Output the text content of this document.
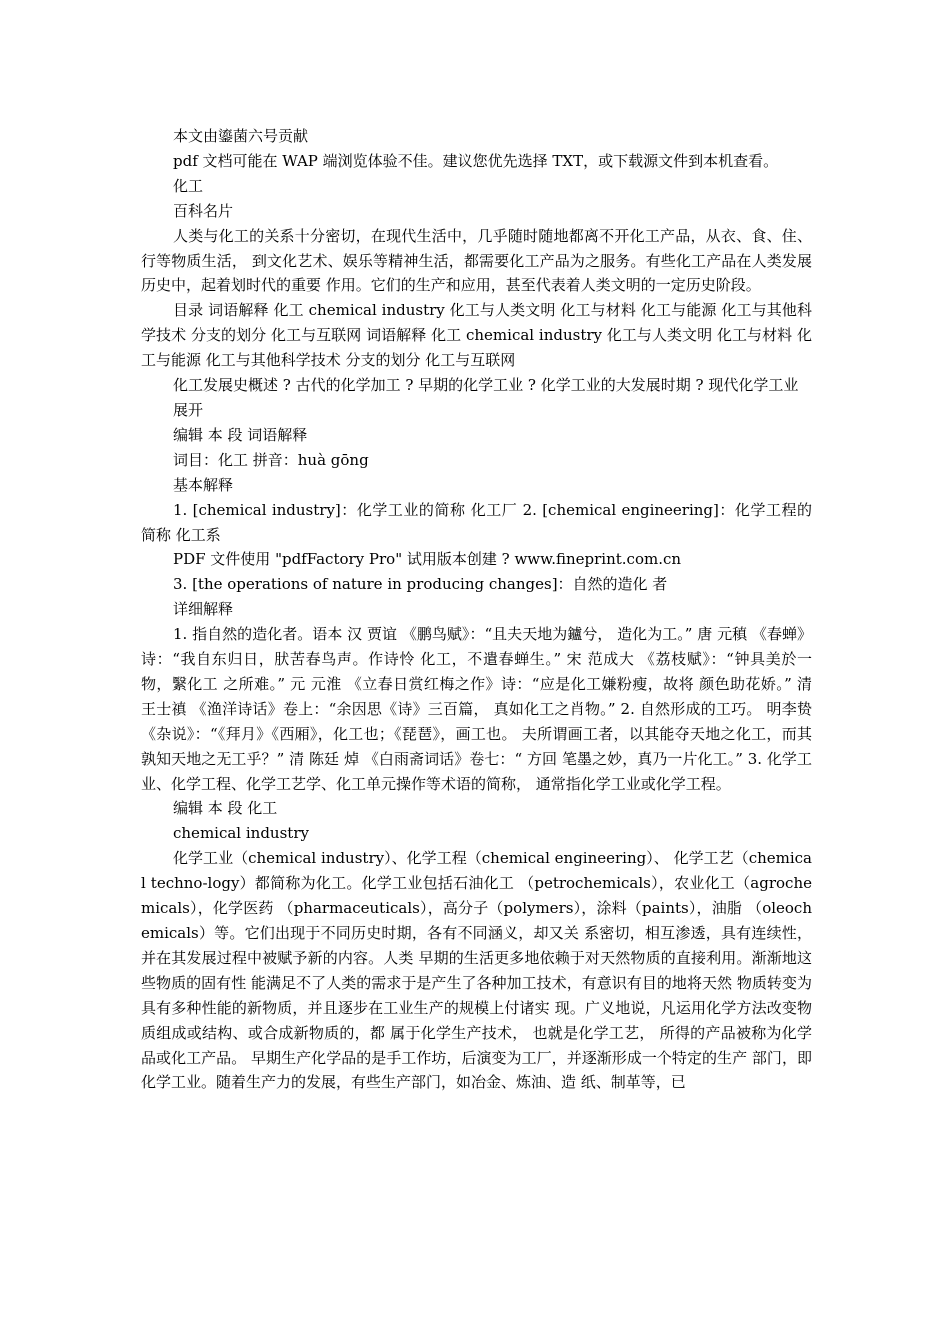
本文由鎏菌六号贡献

pdf 文档可能在 WAP 端浏览体验不佳。建议您优先选择 TXT，或下载源文件到本机查看。

化工

百科名片

人类与化工的关系十分密切，在现代生活中，几乎随时随地都离不开化工产品，从衣、食、住、行等物质生活， 到文化艺术、娱乐等精神生活，都需要化工产品为之服务。有些化工产品在人类发展历史中，起着划时代的重要 作用。它们的生产和应用，甚至代表着人类文明的一定历史阶段。

目录 词语解释 化工 chemical industry 化工与人类文明 化工与材料 化工与能源 化工与其他科学技术 分支的划分 化工与互联网 词语解释 化工 chemical industry 化工与人类文明 化工与材料 化工与能源 化工与其他科学技术 分支的划分 化工与互联网

化工发展史概述 ? 古代的化学加工 ? 早期的化学工业 ? 化学工业的大发展时期 ? 现代化学工业

展开

编辑 本 段 词语解释

词目：化工 拼音：huà gōng

基本解释

1. [chemical industry]：化学工业的简称 化工厂 2. [chemical engineering]：化学工程的简称 化工系

PDF 文件使用 "pdfFactory Pro" 试用版本创建 ? www.fineprint.com.cn

3. [the operations of nature in producing changes]：自然的造化 者

详细解释

1. 指自然的造化者。语本 汉 贾谊 《鹏鸟赋》：“且夫天地为鑪兮， 造化为工。” 唐 元稹 《春蝉》诗：“我自东归日，肰苦春鸟声。作诗怜 化工，不遣春蝉生。” 宋 范成大 《荔枝赋》：“钟具美於一物，繄化工 之所难。” 元 元淮 《立春日赏红梅之作》诗：“应是化工嫌粉瘦，故将 颜色助花娇。” 清 王士禛 《渔洋诗话》卷上：“余因思《诗》三百篇， 真如化工之肖物。” 2. 自然形成的工巧。 明李贽 《杂说》：“《拜月》《西厢》，化工也；《琵琶》，画工也。 夫所谓画工者，以其能夺天地之化工，而其孰知天地之无工乎？” 清 陈廷 焯 《白雨斋词话》卷七：“ 方回 笔墨之妙，真乃一片化工。” 3. 化学工业、化学工程、化学工艺学、化工单元操作等术语的简称， 通常指化学工业或化学工程。

编辑 本 段 化工

chemical industry

化学工业（chemical industry）、化学工程（chemical engineering）、 化学工艺（chemical techno-logy）都简称为化工。化学工业包括石油化工 （petrochemicals），农业化工（agrochemicals），化学医药 （pharmaceuticals），高分子（polymers），涂料（paints），油脂 （oleochemicals）等。它们出现于不同历史时期，各有不同涵义，却又关 系密切，相互渗透，具有连续性，并在其发展过程中被赋予新的内容。人类 早期的生活更多地依赖于对天然物质的直接利用。渐渐地这些物质的固有性 能满足不了人类的需求于是产生了各种加工技术，有意识有目的地将天然 物质转变为具有多种性能的新物质，并且逐步在工业生产的规模上付诸实 现。广义地说，凡运用化学方法改变物质组成或结构、或合成新物质的，都 属于化学生产技术， 也就是化学工艺， 所得的产品被称为化学品或化工产品。 早期生产化学品的是手工作坊，后演变为工厂，并逐渐形成一个特定的生产 部门，即化学工业。随着生产力的发展，有些生产部门，如冶金、炼油、造 纸、制革等，已
